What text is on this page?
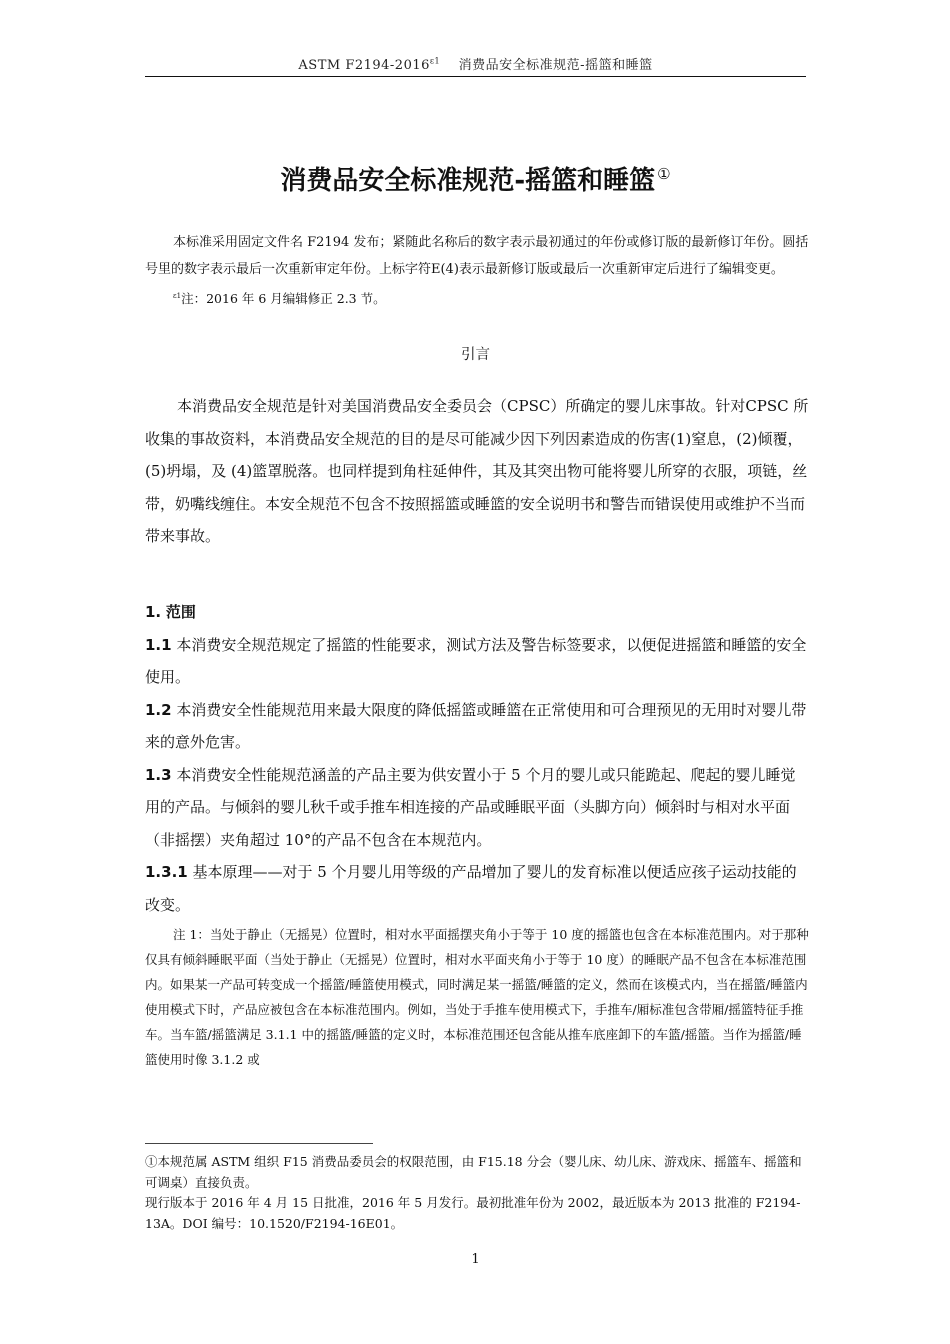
ASTM $F2194-2016^{\varepsilon 1}$ 消费品安全标准规范-摇篮和睡篮
消费品安全标准规范-摇篮和睡篮 ①

本标准采用固定文件名 F2194 发布；紧随此名称后的数字表示最初通过的年份或修订版的最新修订年份。圆括号里的数字表示最后一次重新审定年份。上标字符E(4)表示最新修订版或最后一次重新审定后进行了编辑变更。

$^{\varepsilon 1}$注：2016 年 6 月编辑修正 2.3 节。

引言

本消费品安全规范是针对美国消费品安全委员会（CPSC）所确定的婴儿床事故。针对CPSC 所收集的事故资料，本消费品安全规范的目的是尽可能减少因下列因素造成的伤害(1)窒息，(2)倾覆，(5)坍塌，及 (4)篮罩脱落。也同样提到角柱延伸件，其及其突出物可能将婴儿所穿的衣服，项链，丝带，奶嘴线缠住。本安全规范不包含不按照摇篮或睡篮的安全说明书和警告而错误使用或维护不当而带来事故。

1. 范围

1.1 本消费安全规范规定了摇篮的性能要求，测试方法及警告标签要求，以便促进摇篮和睡篮的安全使用。

1.2 本消费安全性能规范用来最大限度的降低摇篮或睡篮在正常使用和可合理预见的无用时对婴儿带来的意外危害。

1.3 本消费安全性能规范涵盖的产品主要为供安置小于 5 个月的婴儿或只能跪起、爬起的婴儿睡觉用的产品。与倾斜的婴儿秋千或手推车相连接的产品或睡眠平面（头脚方向）倾斜时与相对水平面（非摇摆）夹角超过 10°的产品不包含在本规范内。

1.3.1 基本原理——对于 5 个月婴儿用等级的产品增加了婴儿的发育标准以便适应孩子运动技能的改变。

注 1：当处于静止（无摇晃）位置时，相对水平面摇摆夹角小于等于 10 度的摇篮也包含在本标准范围内。对于那种仅具有倾斜睡眠平面（当处于静止（无摇晃）位置时，相对水平面夹角小于等于 10 度）的睡眠产品不包含在本标准范围内。如果某一产品可转变成一个摇篮/睡篮使用模式，同时满足某一摇篮/睡篮的定义，然而在该模式内，当在摇篮/睡篮内使用模式下时，产品应被包含在本标准范围内。例如，当处于手推车使用模式下，手推车/厢标准包含带厢/摇篮特征手推车。当车篮/摇篮满足 3.1.1 中的摇篮/睡篮的定义时，本标准范围还包含能从推车底座卸下的车篮/摇篮。当作为摇篮/睡篮使用时像 3.1.2 或

①本规范属 ASTM 组织 F15 消费品委员会的权限范围，由 F15.18 分会（婴儿床、幼儿床、游戏床、摇篮车、摇篮和可调桌）直接负责。

现行版本于 2016 年 4 月 15 日批准，2016 年 5 月发行。最初批准年份为 2002，最近版本为 2013 批准的 F2194-13A。DOI 编号：10.1520/F2194-16E01。

1
